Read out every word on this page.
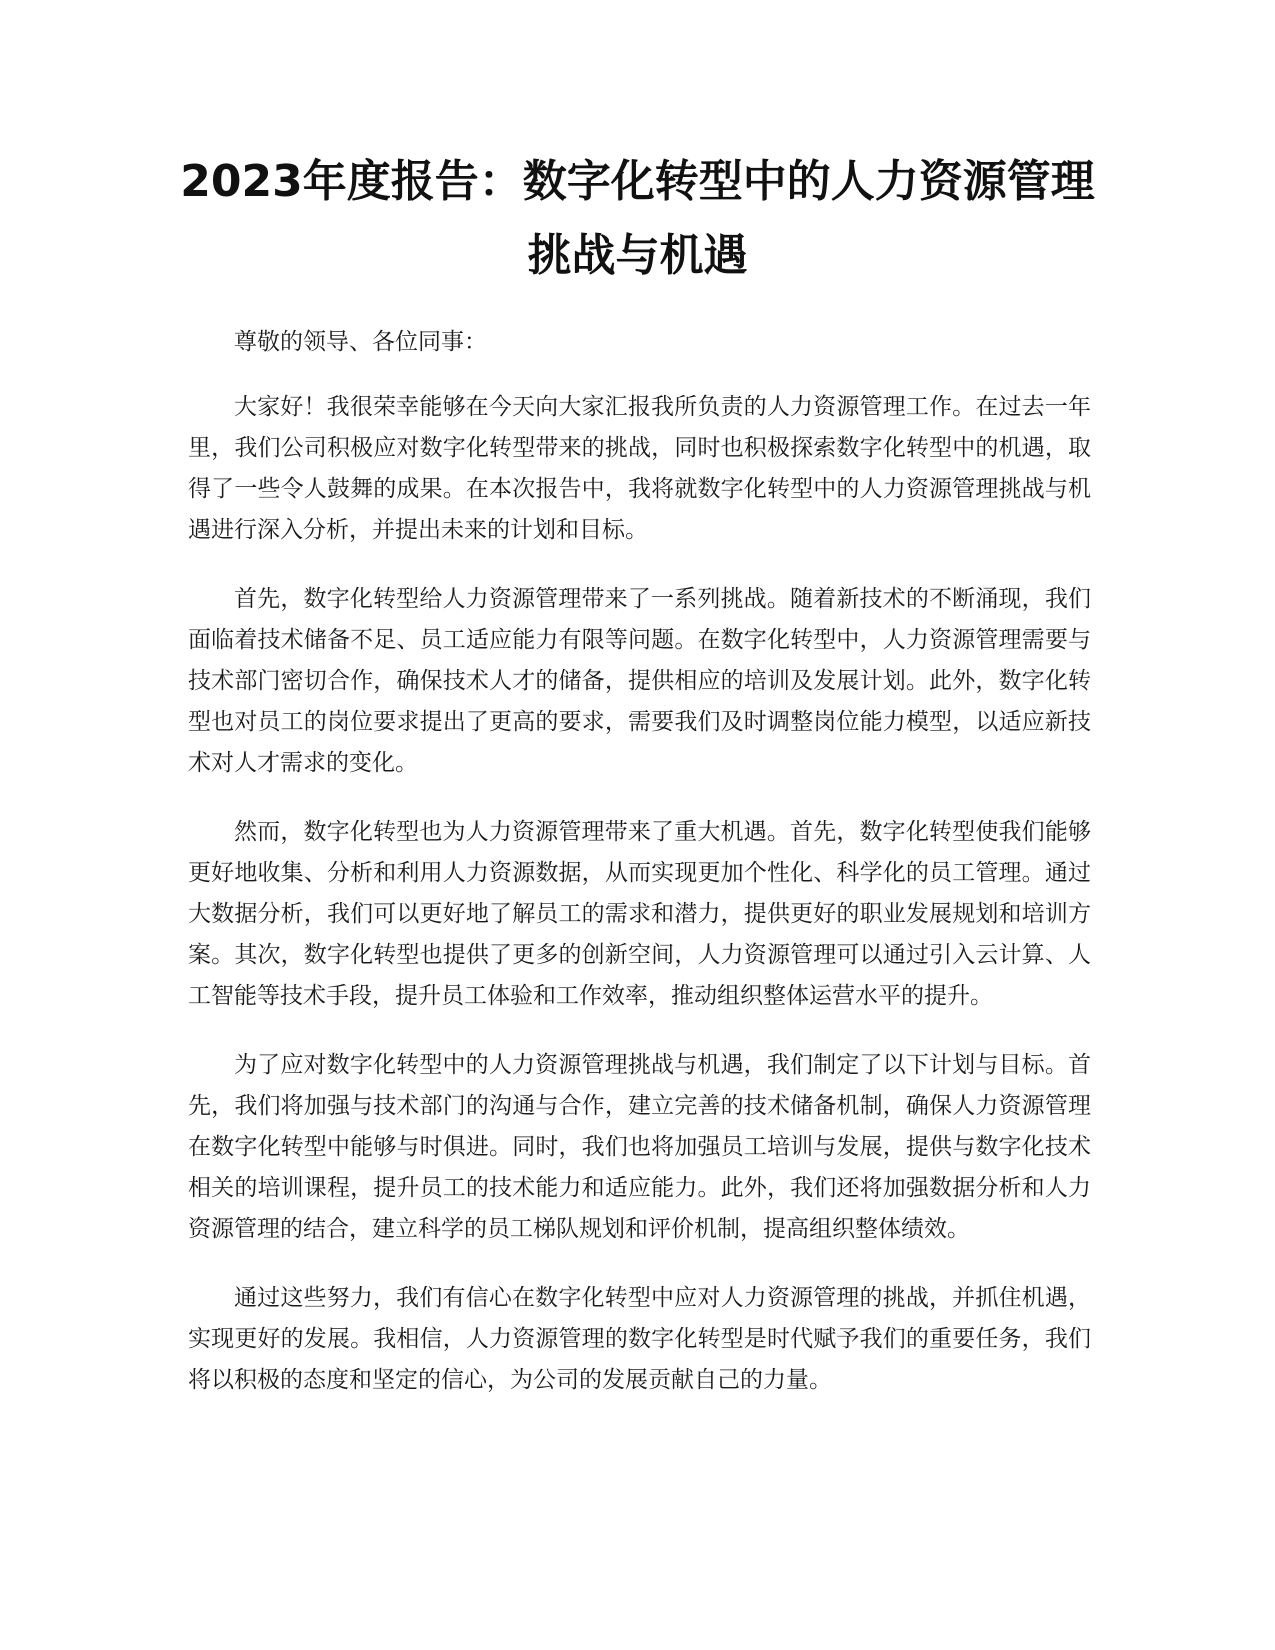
2023年度报告：数字化转型中的人力资源管理挑战与机遇

尊敬的领导、各位同事：

大家好！我很荣幸能够在今天向大家汇报我所负责的人力资源管理工作。在过去一年里，我们公司积极应对数字化转型带来的挑战，同时也积极探索数字化转型中的机遇，取得了一些令人鼓舞的成果。在本次报告中，我将就数字化转型中的人力资源管理挑战与机遇进行深入分析，并提出未来的计划和目标。

首先，数字化转型给人力资源管理带来了一系列挑战。随着新技术的不断涌现，我们面临着技术储备不足、员工适应能力有限等问题。在数字化转型中，人力资源管理需要与技术部门密切合作，确保技术人才的储备，提供相应的培训及发展计划。此外，数字化转型也对员工的岗位要求提出了更高的要求，需要我们及时调整岗位能力模型，以适应新技术对人才需求的变化。

然而，数字化转型也为人力资源管理带来了重大机遇。首先，数字化转型使我们能够更好地收集、分析和利用人力资源数据，从而实现更加个性化、科学化的员工管理。通过大数据分析，我们可以更好地了解员工的需求和潜力，提供更好的职业发展规划和培训方案。其次，数字化转型也提供了更多的创新空间，人力资源管理可以通过引入云计算、人工智能等技术手段，提升员工体验和工作效率，推动组织整体运营水平的提升。

为了应对数字化转型中的人力资源管理挑战与机遇，我们制定了以下计划与目标。首先，我们将加强与技术部门的沟通与合作，建立完善的技术储备机制，确保人力资源管理在数字化转型中能够与时俱进。同时，我们也将加强员工培训与发展，提供与数字化技术相关的培训课程，提升员工的技术能力和适应能力。此外，我们还将加强数据分析和人力资源管理的结合，建立科学的员工梯队规划和评价机制，提高组织整体绩效。

通过这些努力，我们有信心在数字化转型中应对人力资源管理的挑战，并抓住机遇，实现更好的发展。我相信，人力资源管理的数字化转型是时代赋予我们的重要任务，我们将以积极的态度和坚定的信心，为公司的发展贡献自己的力量。
